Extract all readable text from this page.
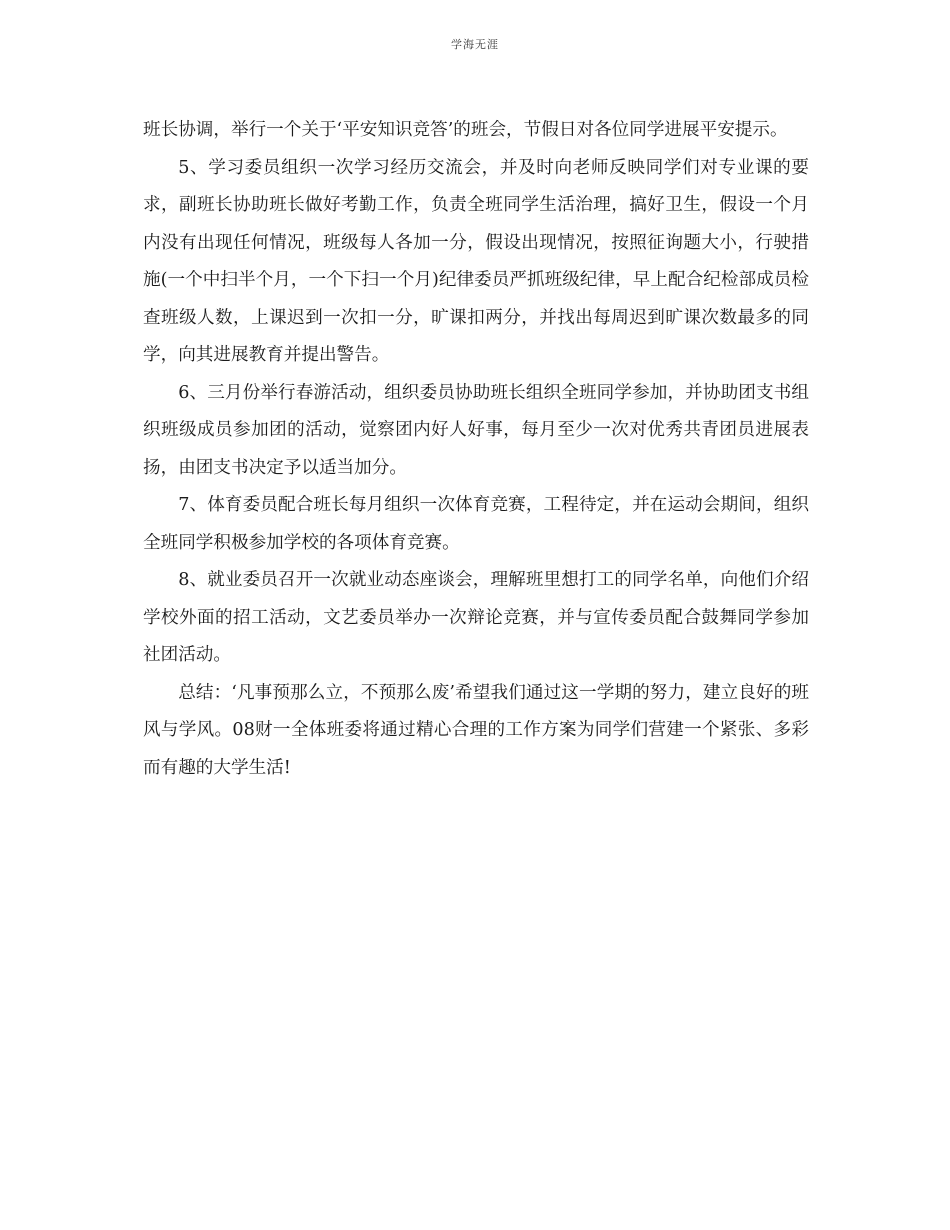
学海无涯

班长协调，举行一个关于‘平安知识竞答’的班会，节假日对各位同学进展平安提示。

5、学习委员组织一次学习经历交流会，并及时向老师反映同学们对专业课的要求，副班长协助班长做好考勤工作，负责全班同学生活治理，搞好卫生，假设一个月内没有出现任何情况，班级每人各加一分，假设出现情况，按照征询题大小，行驶措施(一个中扫半个月，一个下扫一个月)纪律委员严抓班级纪律，早上配合纪检部成员检查班级人数，上课迟到一次扣一分，旷课扣两分，并找出每周迟到旷课次数最多的同学，向其进展教育并提出警告。

6、三月份举行春游活动，组织委员协助班长组织全班同学参加，并协助团支书组织班级成员参加团的活动，觉察团内好人好事，每月至少一次对优秀共青团员进展表扬，由团支书决定予以适当加分。

7、体育委员配合班长每月组织一次体育竞赛，工程待定，并在运动会期间，组织全班同学积极参加学校的各项体育竞赛。

8、就业委员召开一次就业动态座谈会，理解班里想打工的同学名单，向他们介绍学校外面的招工活动，文艺委员举办一次辩论竞赛，并与宣传委员配合鼓舞同学参加社团活动。

总结：‘凡事预那么立，不预那么废’希望我们通过这一学期的努力，建立良好的班风与学风。08财一全体班委将通过精心合理的工作方案为同学们营建一个紧张、多彩而有趣的大学生活!
